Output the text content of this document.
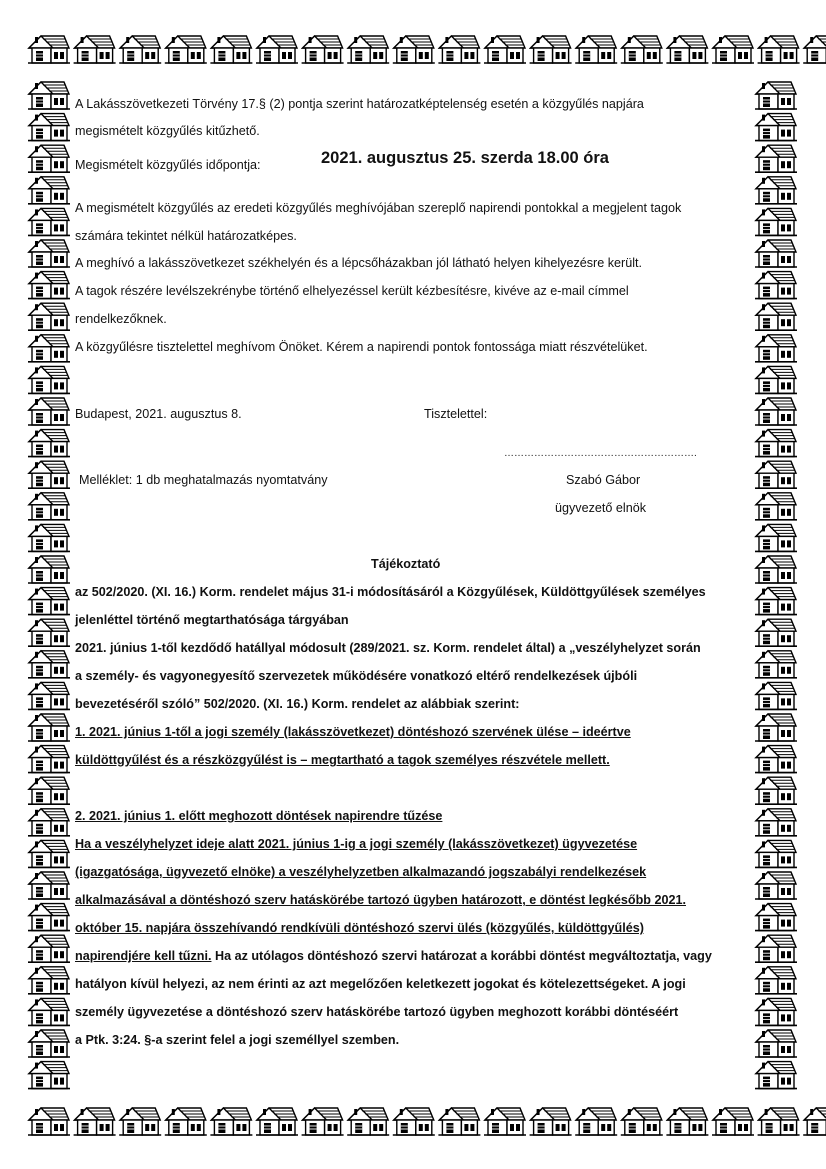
A Lakásszövetkezeti Törvény 17.§ (2) pontja szerint határozatképtelenség esetén a közgyűlés napjára
megismételt közgyűlés kitűzhető.
Megismételt közgyűlés időpontja:	2021. augusztus 25. szerda 18.00 óra
A megismételt közgyűlés az eredeti közgyűlés meghívójában szereplő napirendi pontokkal a megjelent tagok
számára tekintet nélkül határozatképes.
A meghívó a lakásszövetkezet székhelyén és a lépcsőházakban jól látható helyen kihelyezésre került.
A tagok részére levélszekrénybe történő elhelyezéssel került kézbesítésre, kivéve az e-mail címmel
rendelkezőknek.
A közgyűlésre tisztelettel meghívom Önöket. Kérem a napirendi pontok fontossága miatt részvételüket.
Budapest, 2021. augusztus 8.	Tisztelettel:
………………………………………………….
Melléklet: 1 db meghatalmazás nyomtatvány	Szabó Gábor
ügyvezető elnök
Tájékoztató
az 502/2020. (XI. 16.) Korm. rendelet május 31-i módosításáról a Közgyűlések, Küldöttgyűlések személyes
jelenléttel történő megtarthatósága tárgyában
2021. június 1-től kezdődő hatállyal módosult (289/2021. sz. Korm. rendelet által) a „veszélyhelyzet során
a személy- és vagyonegyesítő szervezetek működésére vonatkozó eltérő rendelkezések újbóli
bevezetéséről szóló” 502/2020. (XI. 16.) Korm. rendelet az alábbiak szerint:
1. 2021. június 1-től a jogi személy (lakásszövetkezet) döntéshozó szervének ülése – ideértve
küldöttgyűlést és a részközgyűlést is – megtartható a tagok személyes részvétele mellett.
2. 2021. június 1. előtt meghozott döntések napirendre tűzése
Ha a veszélyhelyzet ideje alatt 2021. június 1-ig a jogi személy (lakásszövetkezet) ügyvezetése
(igazgatósága, ügyvezető elnöke) a veszélyhelyzetben alkalmazandó jogszabályi rendelkezések
alkalmazásával a döntéshozó szerv hatáskörébe tartozó ügyben határozott, e döntést legkésőbb 2021.
október 15. napjára összehívandó rendkívüli döntéshozó szervi ülés (közgyűlés, küldöttgyűlés)
napirendjére kell tűzni. Ha az utólagos döntéshozó szervi határozat a korábbi döntést megváltoztatja, vagy
hatályon kívül helyezi, az nem érinti az azt megelőzően keletkezett jogokat és kötelezettségeket. A jogi
személy ügyvezetése a döntéshozó szerv hatáskörébe tartozó ügyben meghozott korábbi döntéséért
a Ptk. 3:24. §-a szerint felel a jogi személlyel szemben.
